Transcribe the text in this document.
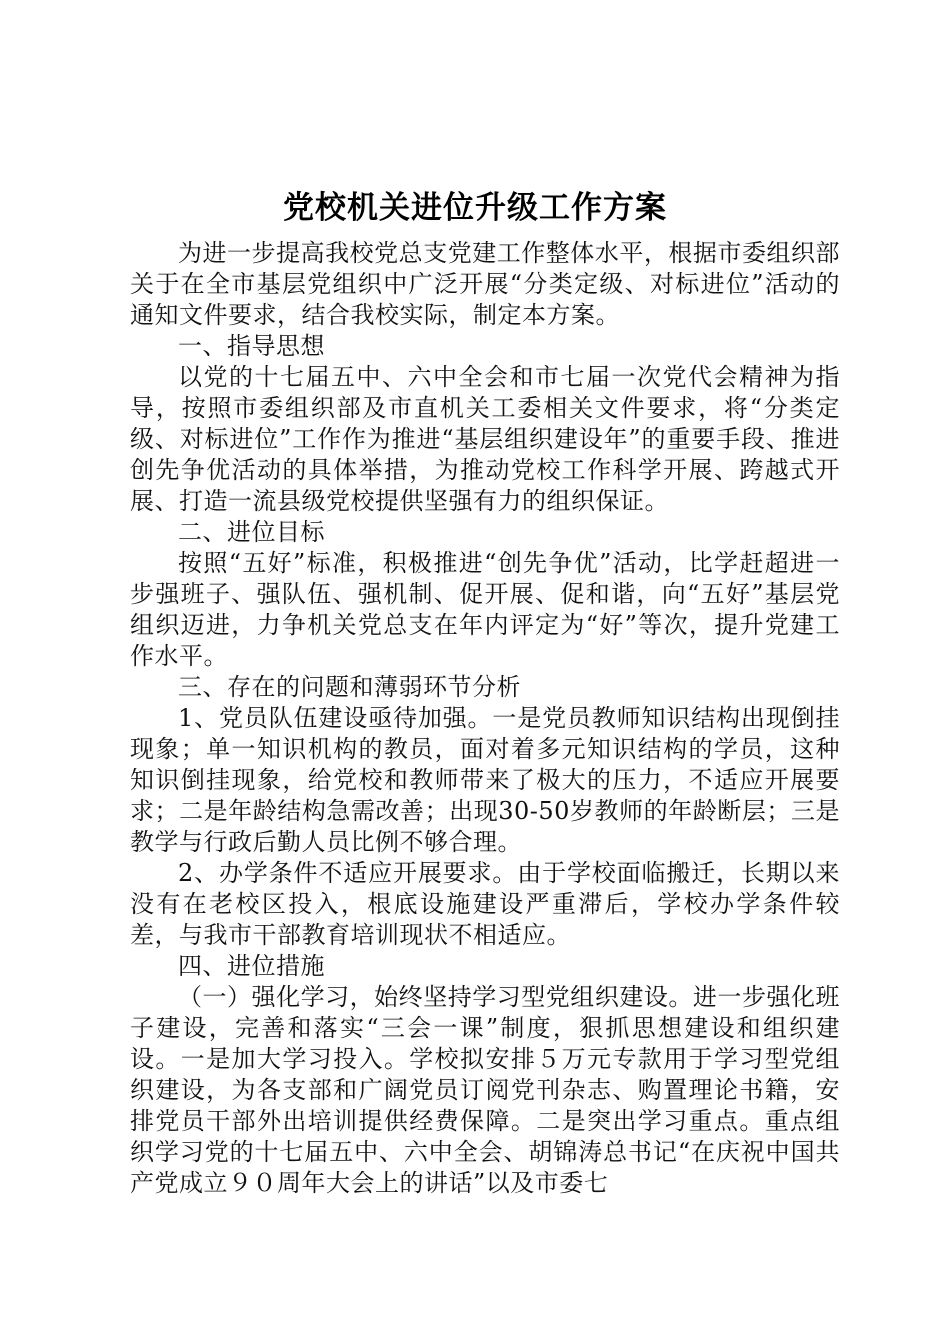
党校机关进位升级工作方案

为进一步提高我校党总支党建工作整体水平，根据市委组织部关于在全市基层党组织中广泛开展“分类定级、对标进位”活动的通知文件要求，结合我校实际，制定本方案。

一、指导思想

以党的十七届五中、六中全会和市七届一次党代会精神为指导，按照市委组织部及市直机关工委相关文件要求，将“分类定级、对标进位”工作作为推进“基层组织建设年”的重要手段、推进创先争优活动的具体举措，为推动党校工作科学开展、跨越式开展、打造一流县级党校提供坚强有力的组织保证。

二、进位目标

按照“五好”标准，积极推进“创先争优”活动，比学赶超进一步强班子、强队伍、强机制、促开展、促和谐，向“五好”基层党组织迈进，力争机关党总支在年内评定为“好”等次，提升党建工作水平。

三、存在的问题和薄弱环节分析

1、党员队伍建设亟待加强。一是党员教师知识结构出现倒挂现象；单一知识机构的教员，面对着多元知识结构的学员，这种知识倒挂现象，给党校和教师带来了极大的压力，不适应开展要求；二是年龄结构急需改善；出现30-50岁教师的年龄断层；三是教学与行政后勤人员比例不够合理。

2、办学条件不适应开展要求。由于学校面临搬迁，长期以来没有在老校区投入，根底设施建设严重滞后，学校办学条件较差，与我市干部教育培训现状不相适应。

四、进位措施

（一）强化学习，始终坚持学习型党组织建设。进一步强化班子建设，完善和落实“三会一课”制度，狠抓思想建设和组织建设。一是加大学习投入。学校拟安排５万元专款用于学习型党组织建设，为各支部和广阔党员订阅党刊杂志、购置理论书籍，安排党员干部外出培训提供经费保障。二是突出学习重点。重点组织学习党的十七届五中、六中全会、胡锦涛总书记“在庆祝中国共产党成立９０周年大会上的讲话”以及市委七
